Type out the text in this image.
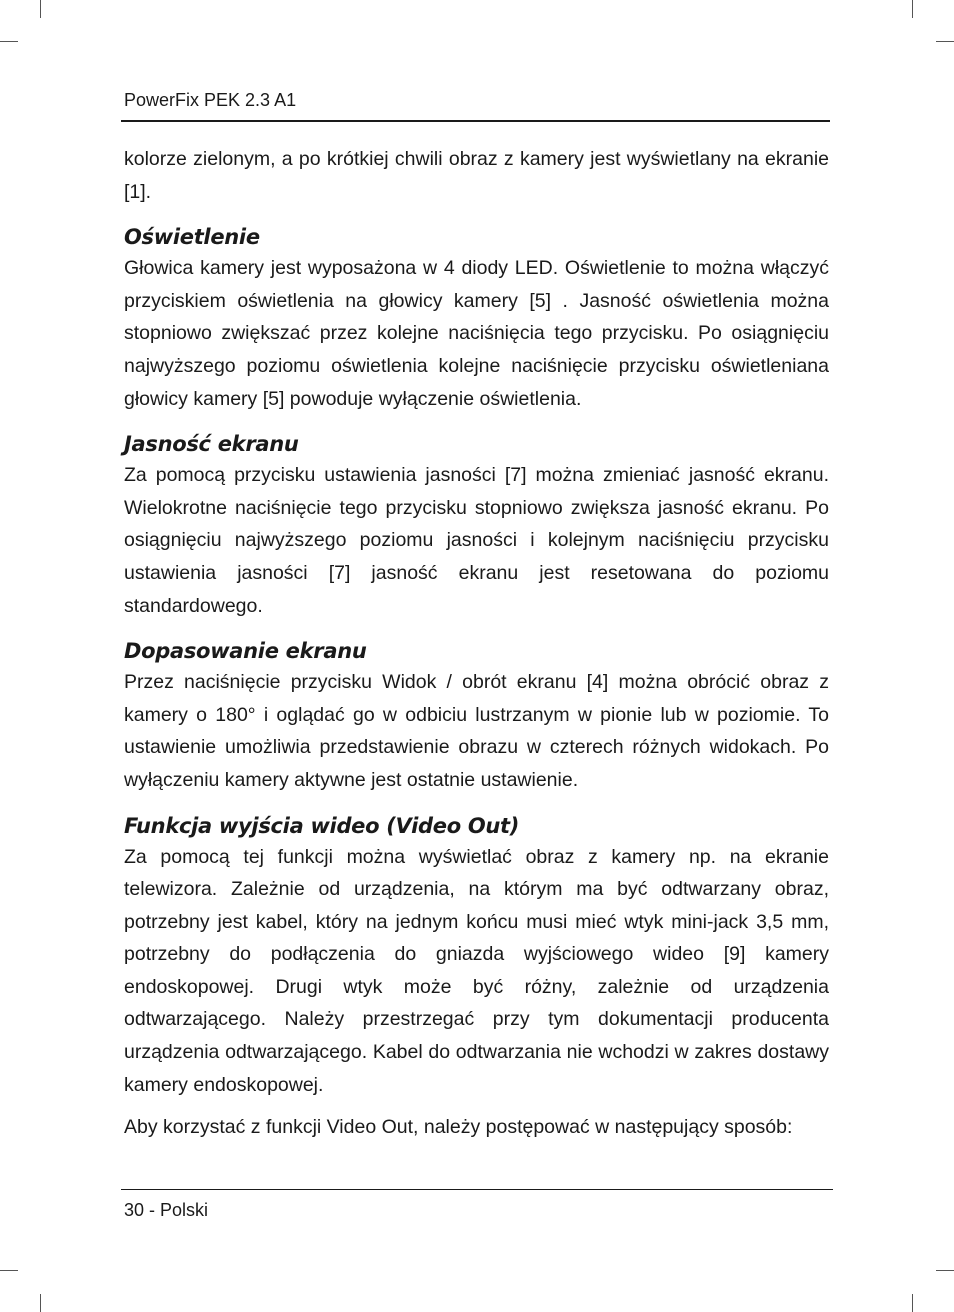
PowerFix PEK 2.3 A1

kolorze zielonym, a po krótkiej chwili obraz z kamery jest wyświetlany na ekranie [1].

Oświetlenie

Głowica kamery jest wyposażona w 4 diody LED. Oświetlenie to można włączyć przyciskiem oświetlenia na głowicy kamery [5] . Jasność oświetlenia można stopniowo zwiększać przez kolejne naciśnięcia tego przycisku. Po osiągnięciu najwyższego poziomu oświetlenia kolejne naciśnięcie przycisku oświetleniana głowicy kamery [5] powoduje wyłączenie oświetlenia.

Jasność ekranu

Za pomocą przycisku ustawienia jasności [7] można zmieniać jasność ekranu. Wielokrotne naciśnięcie tego przycisku stopniowo zwiększa jasność ekranu. Po osiągnięciu najwyższego poziomu jasności i kolejnym naciśnięciu przycisku ustawienia jasności [7] jasność ekranu jest resetowana do poziomu standardowego.

Dopasowanie ekranu

Przez naciśnięcie przycisku Widok / obrót ekranu [4] można obrócić obraz z kamery o 180° i oglądać go w odbiciu lustrzanym w pionie lub w poziomie. To ustawienie umożliwia przedstawienie obrazu w czterech różnych widokach. Po wyłączeniu kamery aktywne jest ostatnie ustawienie.

Funkcja wyjścia wideo (Video Out)

Za pomocą tej funkcji można wyświetlać obraz z kamery np. na ekranie telewizora. Zależnie od urządzenia, na którym ma być odtwarzany obraz, potrzebny jest kabel, który na jednym końcu musi mieć wtyk mini-jack 3,5 mm, potrzebny do podłączenia do gniazda wyjściowego wideo [9] kamery endoskopowej. Drugi wtyk może być różny, zależnie od urządzenia odtwarzającego. Należy przestrzegać przy tym dokumentacji producenta urządzenia odtwarzającego. Kabel do odtwarzania nie wchodzi w zakres dostawy kamery endoskopowej.

Aby korzystać z funkcji Video Out, należy postępować w następujący sposób:

30 - Polski
